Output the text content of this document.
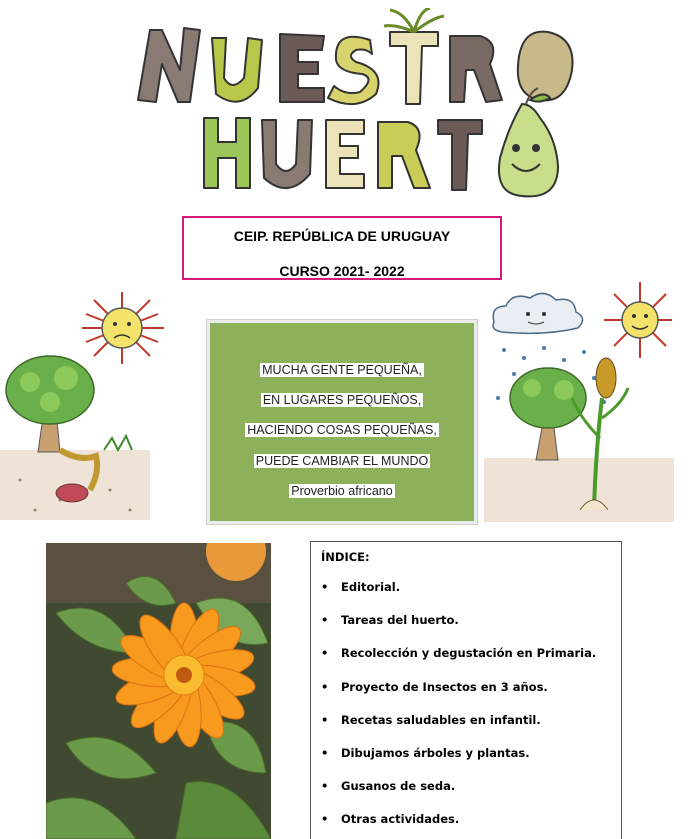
CEIP. REPÚBLICA DE URUGUAY
CURSO 2021- 2022
MUCHA GENTE PEQUEÑA,
EN LUGARES PEQUEÑOS,
HACIENDO COSAS PEQUEÑAS,
PUEDE CAMBIAR EL MUNDO
Proverbio africano
ÍNDICE:
• Editorial.
• Tareas del huerto.
• Recolección y degustación en Primaria.
• Proyecto de Insectos en 3 años.
• Recetas saludables en infantil.
• Dibujamos árboles y plantas.
• Gusanos de seda.
• Otras actividades.
